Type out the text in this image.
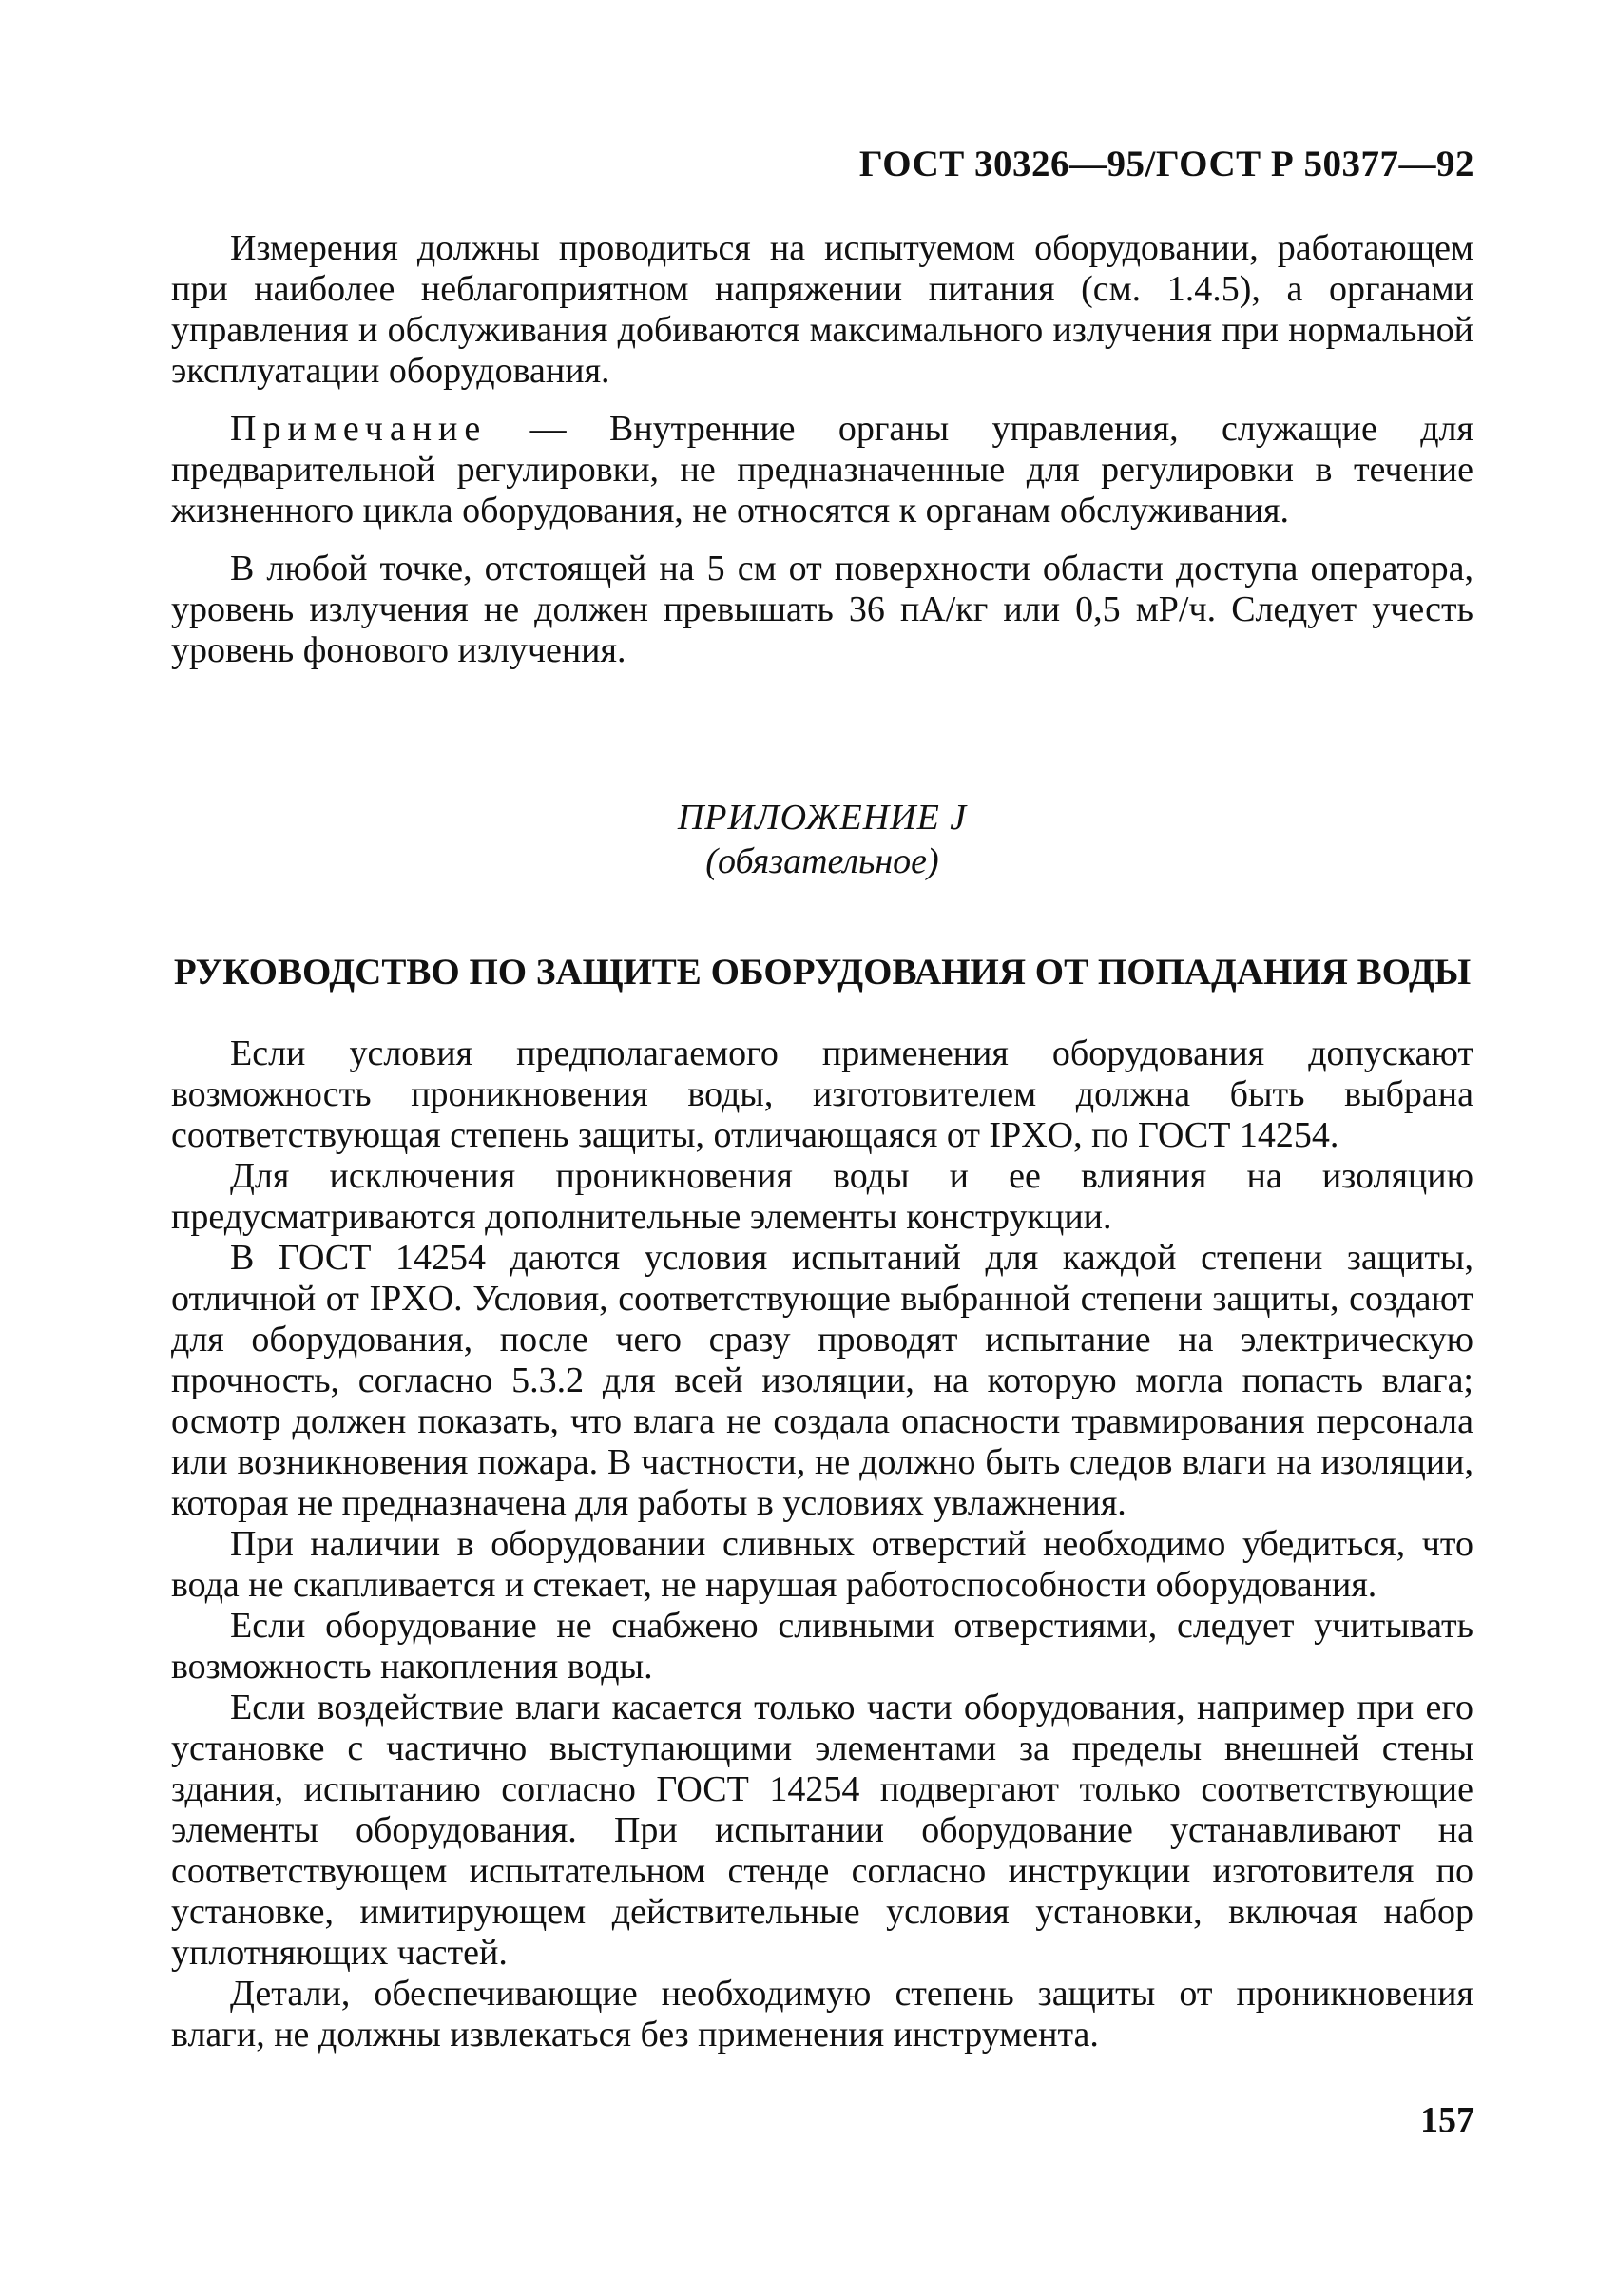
ГОСТ 30326—95/ГОСТ Р 50377—92

Измерения должны проводиться на испытуемом оборудовании, работающем при наиболее неблагоприятном напряжении питания (см. 1.4.5), а органами управления и обслуживания добиваются максимального излучения при нормальной эксплуатации оборудования.

Примечание — Внутренние органы управления, служащие для предварительной регулировки, не предназначенные для регулировки в течение жизненного цикла оборудования, не относятся к органам обслуживания.

В любой точке, отстоящей на 5 см от поверхности области доступа оператора, уровень излучения не должен превышать 36 пА/кг или 0,5 мР/ч. Следует учесть уровень фонового излучения.

ПРИЛОЖЕНИЕ J
(обязательное)
РУКОВОДСТВО ПО ЗАЩИТЕ ОБОРУДОВАНИЯ ОТ ПОПАДАНИЯ ВОДЫ

Если условия предполагаемого применения оборудования допускают возможность проникновения воды, изготовителем должна быть выбрана соответствующая степень защиты, отличающаяся от IPXO, по ГОСТ 14254.

Для исключения проникновения воды и ее влияния на изоляцию предусматриваются дополнительные элементы конструкции.

В ГОСТ 14254 даются условия испытаний для каждой степени защиты, отличной от IPXO. Условия, соответствующие выбранной степени защиты, создают для оборудования, после чего сразу проводят испытание на электрическую прочность, согласно 5.3.2 для всей изоляции, на которую могла попасть влага; осмотр должен показать, что влага не создала опасности травмирования персонала или возникновения пожара. В частности, не должно быть следов влаги на изоляции, которая не предназначена для работы в условиях увлажнения.

При наличии в оборудовании сливных отверстий необходимо убедиться, что вода не скапливается и стекает, не нарушая работоспособности оборудования.

Если оборудование не снабжено сливными отверстиями, следует учитывать возможность накопления воды.

Если воздействие влаги касается только части оборудования, например при его установке с частично выступающими элементами за пределы внешней стены здания, испытанию согласно ГОСТ 14254 подвергают только соответствующие элементы оборудования. При испытании оборудование устанавливают на соответствующем испытательном стенде согласно инструкции изготовителя по установке, имитирующем действительные условия установки, включая набор уплотняющих частей.

Детали, обеспечивающие необходимую степень защиты от проникновения влаги, не должны извлекаться без применения инструмента.

157
